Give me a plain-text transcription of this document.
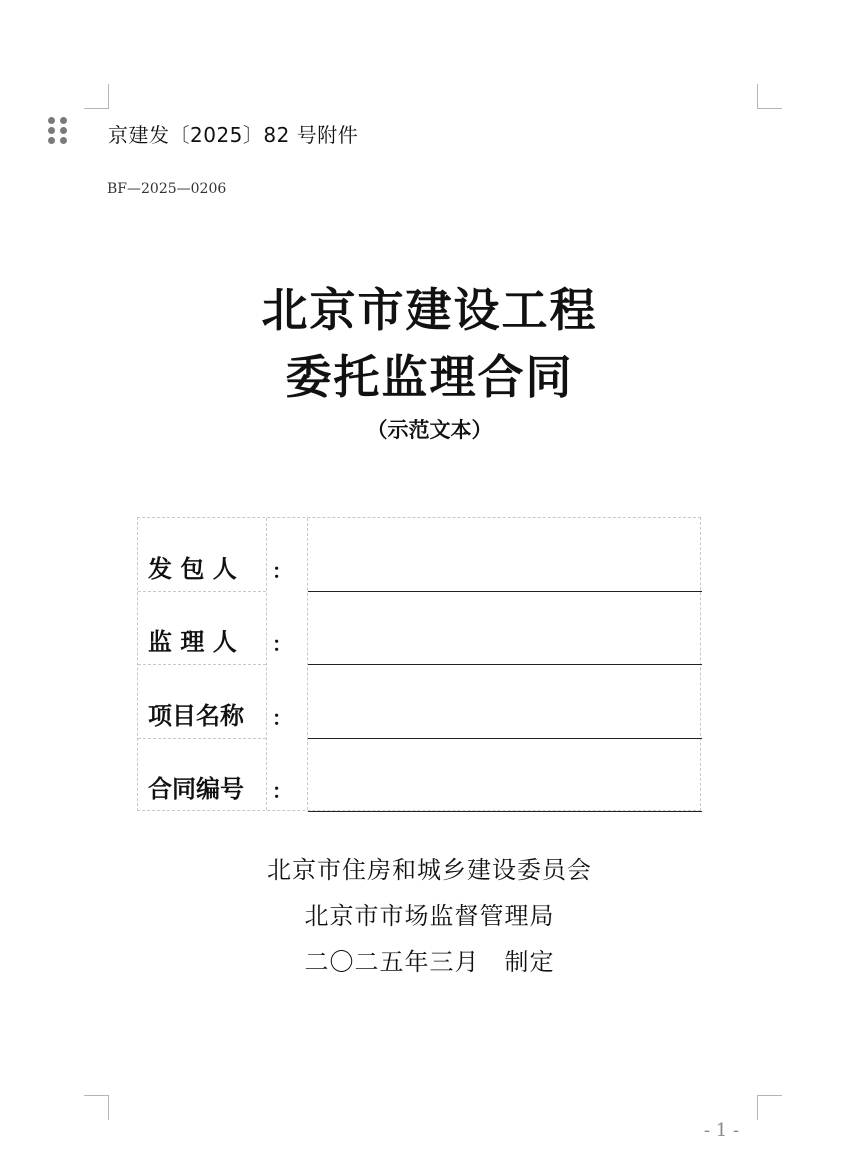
京建发〔2025〕82 号附件
BF—2025—0206
北京市建设工程
委托监理合同
（示范文本）
发 包 人	：
监 理 人	：
项目名称	：
合同编号	：
北京市住房和城乡建设委员会
北京市市场监督管理局
二〇二五年三月　制定
- 1 -
